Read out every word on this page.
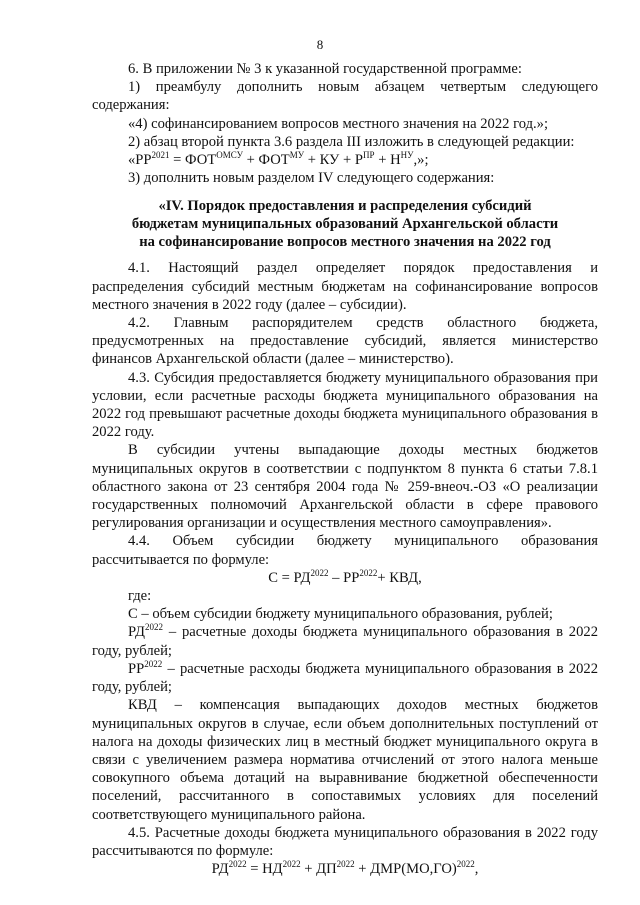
8

6. В приложении № 3 к указанной государственной программе:

1) преамбулу дополнить новым абзацем четвертым следующего

содержания:

«4) софинансированием вопросов местного значения на 2022 год.»;

2) абзац второй пункта 3.6 раздела III изложить в следующей редакции:

«$РР^{2021} = ФОТ^{ОМСУ} + ФОТ^{МУ}$ + КУ + $Р^{ПР} + Н^{НУ}$,»;

3) дополнить новым разделом IV следующего содержания:

«IV. Порядок предоставления и распределения субсидий
бюджетам муниципальных образований Архангельской области
на софинансирование вопросов местного значения на 2022 год

4.1. Настоящий раздел определяет порядок предоставления и распределения субсидий местным бюджетам на софинансирование вопросов местного значения в 2022 году (далее – субсидии).

4.2. Главным распорядителем средств областного бюджета, предусмотренных на предоставление субсидий, является министерство финансов Архангельской области (далее – министерство).

4.3. Субсидия предоставляется бюджету муниципального образования при условии, если расчетные расходы бюджета муниципального образования на 2022 год превышают расчетные доходы бюджета муниципального образования в 2022 году.

В субсидии учтены выпадающие доходы местных бюджетов муниципальных округов в соответствии с подпунктом 8 пункта 6 статьи 7.8.1 областного закона от 23 сентября 2004 года № 259-внеоч.-ОЗ «О реализации государственных полномочий Архангельской области в сфере правового регулирования организации и осуществления местного самоуправления».

4.4. Объем субсидии бюджету муниципального образования рассчитывается по формуле:

$С = РД^{2022} - РР^{2022}+$ КВД,

где:

С – объем субсидии бюджету муниципального образования, рублей;

$РД^{2022}$ – расчетные доходы бюджета муниципального образования в 2022 году, рублей;

$РР^{2022}$ – расчетные расходы бюджета муниципального образования в 2022 году, рублей;

КВД – компенсация выпадающих доходов местных бюджетов муниципальных округов в случае, если объем дополнительных поступлений от налога на доходы физических лиц в местный бюджет муниципального округа в связи с увеличением размера норматива отчислений от этого налога меньше совокупного объема дотаций на выравнивание бюджетной обеспеченности поселений, рассчитанного в сопоставимых условиях для поселений соответствующего муниципального района.

4.5. Расчетные доходы бюджета муниципального образования в 2022 году рассчитываются по формуле:

$РД^{2022} = НД^{2022} + ДП^{2022} + ДМР(МО,ГО)^{2022}$,
